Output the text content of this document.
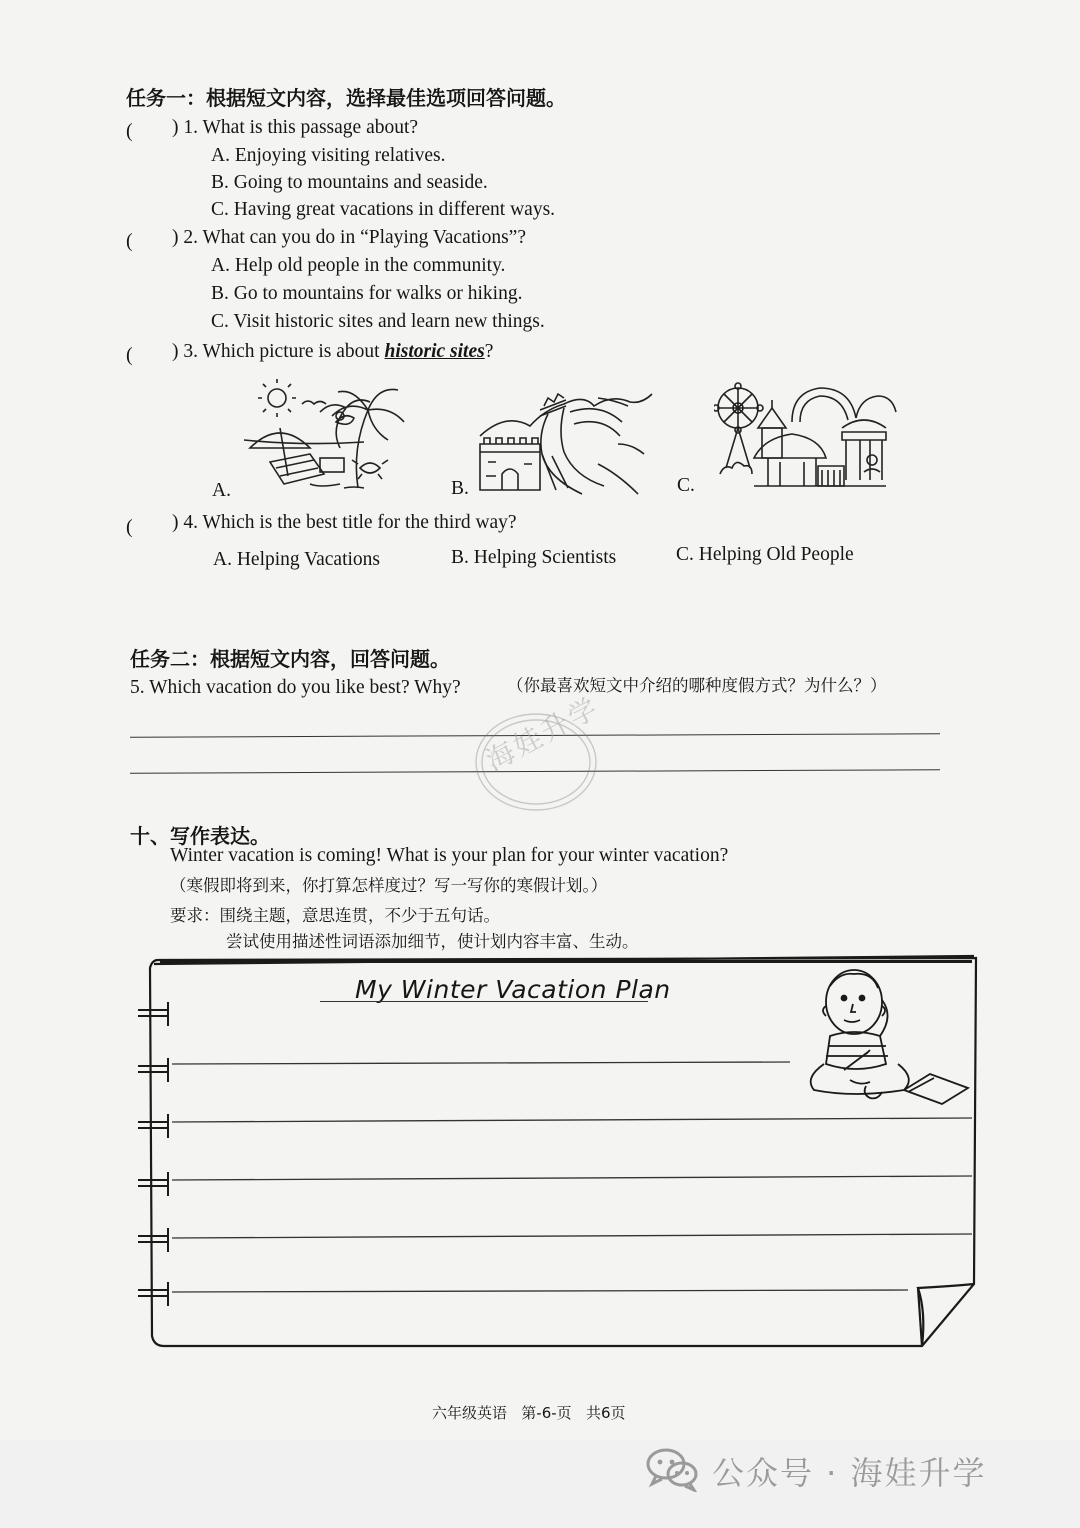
任务一：根据短文内容，选择最佳选项回答问题。
( ) 1. What is this passage about?
A. Enjoying visiting relatives.
B. Going to mountains and seaside.
C. Having great vacations in different ways.
( ) 2. What can you do in “Playing Vacations”?
A. Help old people in the community.
B. Go to mountains for walks or hiking.
C. Visit historic sites and learn new things.
( ) 3. Which picture is about historic sites?
A.	B.	C.
( ) 4. Which is the best title for the third way?
A. Helping Vacations	B. Helping Scientists	C. Helping Old People
任务二：根据短文内容，回答问题。
5. Which vacation do you like best? Why?	（你最喜欢短文中介绍的哪种度假方式？为什么？）
海娃升学
十、写作表达。
Winter vacation is coming! What is your plan for your winter vacation?
（寒假即将到来，你打算怎样度过？写一写你的寒假计划。）
要求：围绕主题，意思连贯，不少于五句话。
尝试使用描述性词语添加细节，使计划内容丰富、生动。
My Winter Vacation Plan
六年级英语   第-6-页   共6页
公众号 · 海娃升学
